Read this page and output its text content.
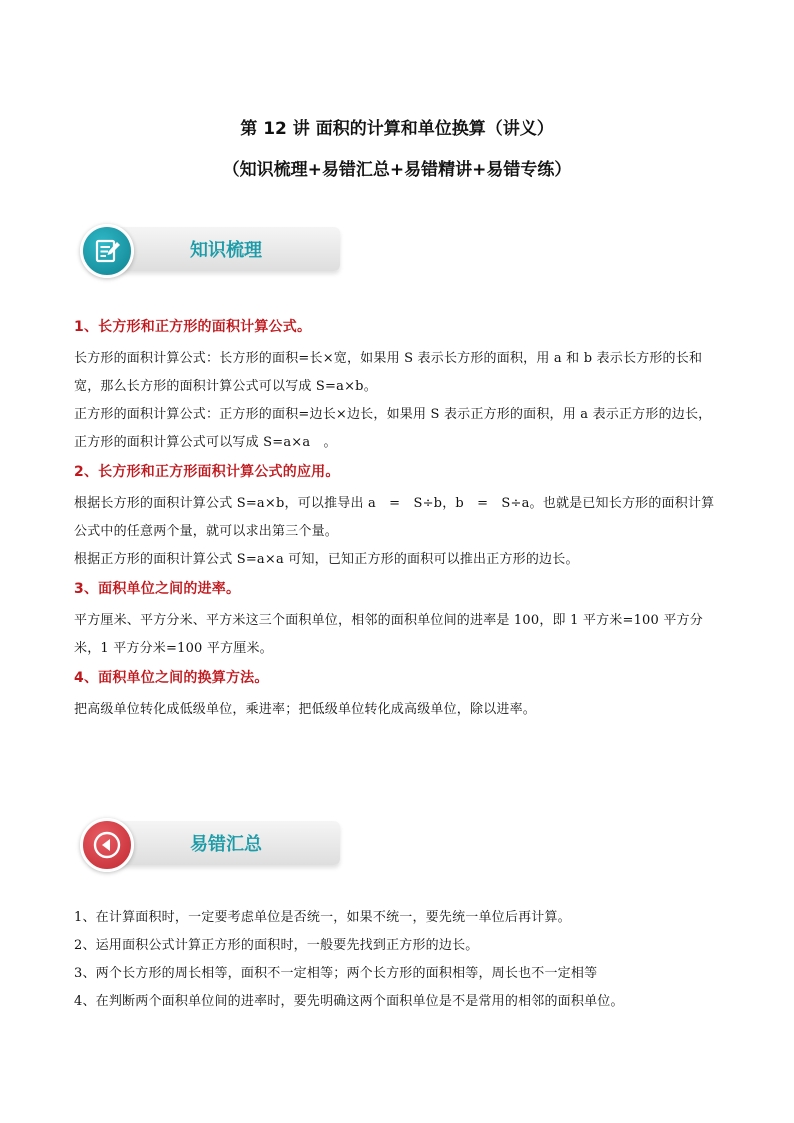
第 12 讲 面积的计算和单位换算（讲义）
（知识梳理+易错汇总+易错精讲+易错专练）
知识梳理

1、长方形和正方形的面积计算公式。

长方形的面积计算公式：长方形的面积=长×宽，如果用 S 表示长方形的面积，用 a 和 b 表示长方形的长和宽，那么长方形的面积计算公式可以写成 S=a×b。

正方形的面积计算公式：正方形的面积=边长×边长，如果用 S 表示正方形的面积，用 a 表示正方形的边长，正方形的面积计算公式可以写成 S=a×a　。

2、长方形和正方形面积计算公式的应用。

根据长方形的面积计算公式 S=a×b，可以推导出 a　=　S÷b，b　=　S÷a。也就是已知长方形的面积计算公式中的任意两个量，就可以求出第三个量。

根据正方形的面积计算公式 S=a×a 可知，已知正方形的面积可以推出正方形的边长。

3、面积单位之间的进率。

平方厘米、平方分米、平方米这三个面积单位，相邻的面积单位间的进率是 100，即 1 平方米=100 平方分米，1 平方分米=100 平方厘米。

4、面积单位之间的换算方法。

把高级单位转化成低级单位，乘进率；把低级单位转化成高级单位，除以进率。

易错汇总

1、在计算面积时，一定要考虑单位是否统一，如果不统一，要先统一单位后再计算。

2、运用面积公式计算正方形的面积时，一般要先找到正方形的边长。

3、两个长方形的周长相等，面积不一定相等；两个长方形的面积相等，周长也不一定相等

4、在判断两个面积单位间的进率时，要先明确这两个面积单位是不是常用的相邻的面积单位。
